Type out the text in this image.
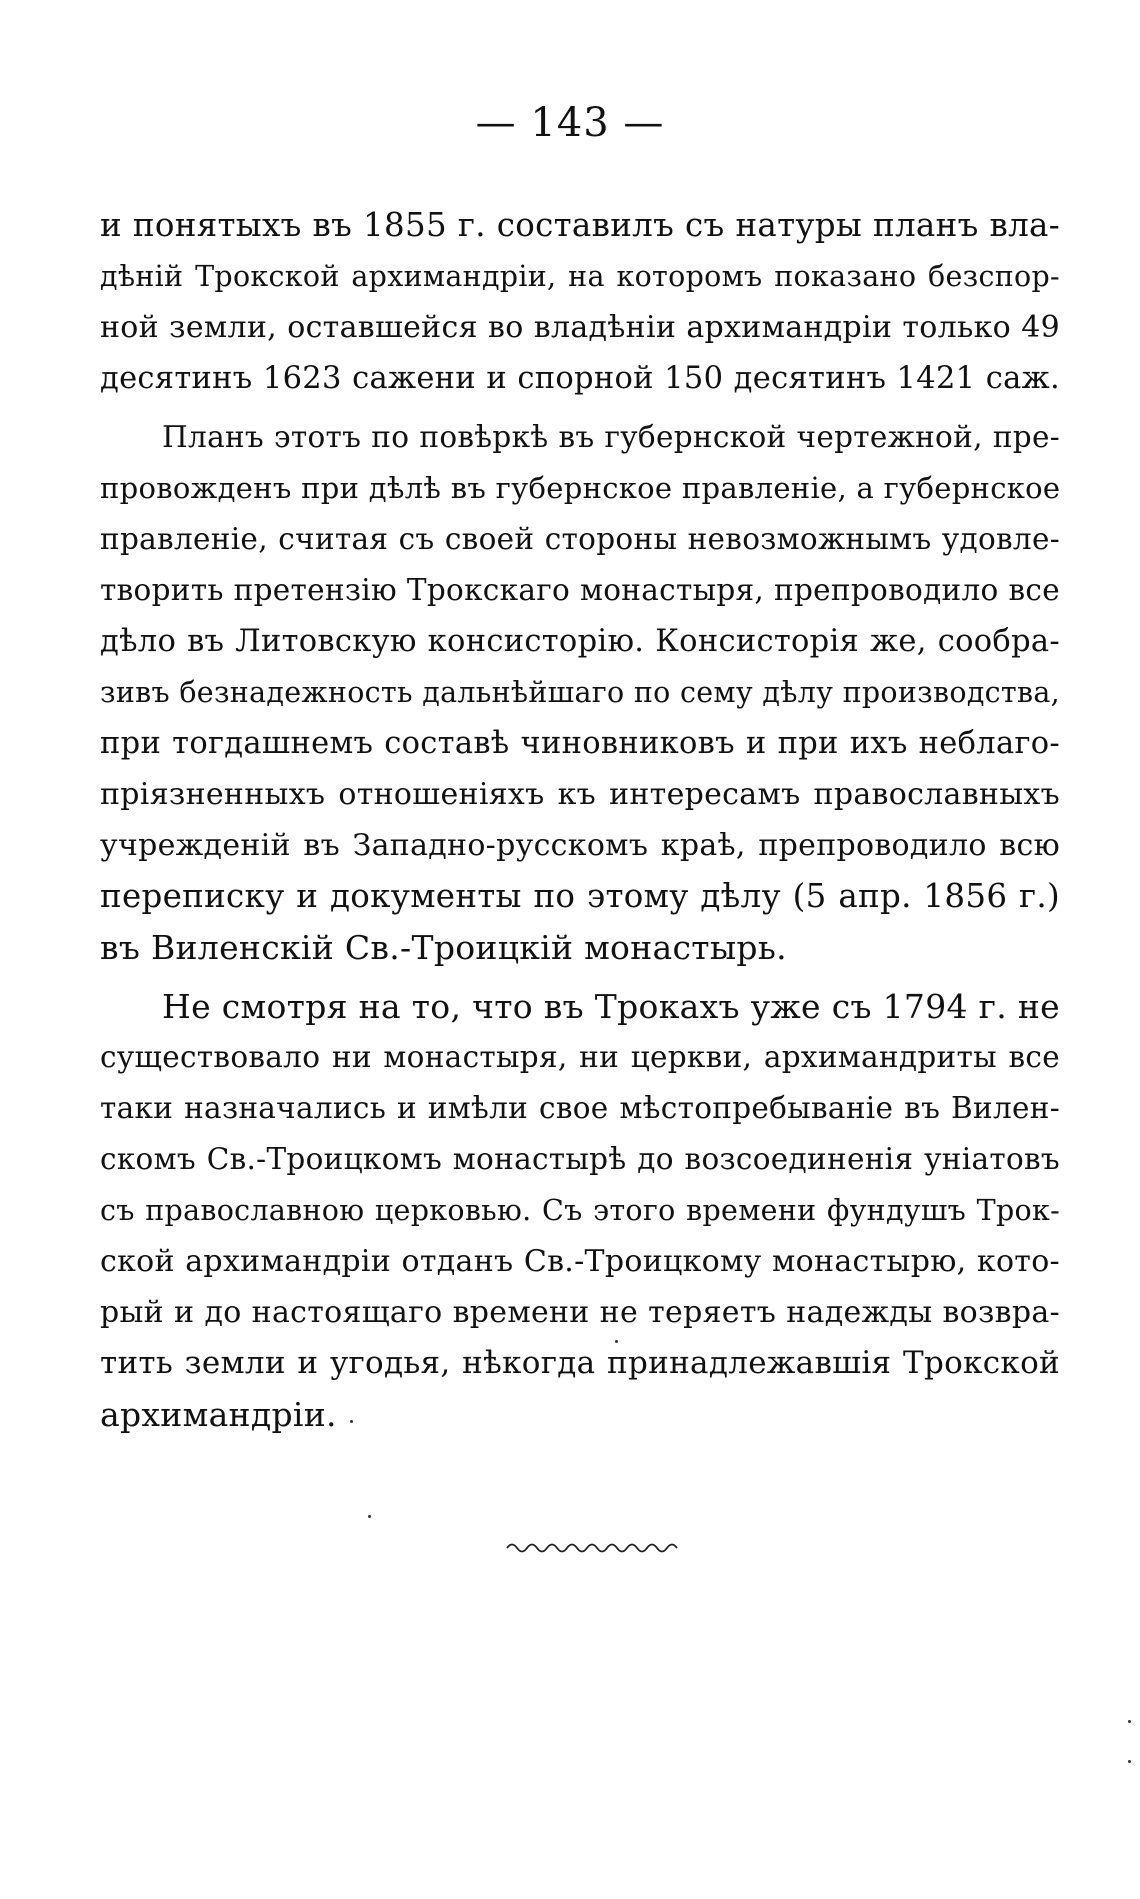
— 143 —
и понятыхъ въ 1855 г. составилъ съ натуры планъ вла-
дѣній Трокской архимандріи, на которомъ показано безспор-
ной земли, оставшейся во владѣніи архимандріи только 49
десятинъ 1623 сажени и спорной 150 десятинъ 1421 саж.
Планъ этотъ по повѣркѣ въ губернской чертежной, пре-
провожденъ при дѣлѣ въ губернское правленіе, а губернское
правленіе, считая съ своей стороны невозможнымъ удовле-
творить претензію Трокскаго монастыря, препроводило все
дѣло въ Литовскую консисторію. Консисторія же, сообра-
зивъ безнадежность дальнѣйшаго по сему дѣлу производства,
при тогдашнемъ составѣ чиновниковъ и при ихъ неблаго-
пріязненныхъ отношеніяхъ къ интересамъ православныхъ
учрежденій въ Западно-русскомъ краѣ, препроводило всю
переписку и документы по этому дѣлу (5 апр. 1856 г.)
въ Виленскій Св.-Троицкій монастырь.
Не смотря на то, что въ Трокахъ уже съ 1794 г. не
существовало ни монастыря, ни церкви, архимандриты все
таки назначались и имѣли свое мѣстопребываніе въ Вилен-
скомъ Св.-Троицкомъ монастырѣ до возсоединенія уніатовъ
съ православною церковью. Съ этого времени фундушъ Трок-
ской архимандріи отданъ Св.-Троицкому монастырю, кото-
рый и до настоящаго времени не теряетъ надежды возвра-
тить земли и угодья, нѣкогда принадлежавшія Трокской
архимандріи.
